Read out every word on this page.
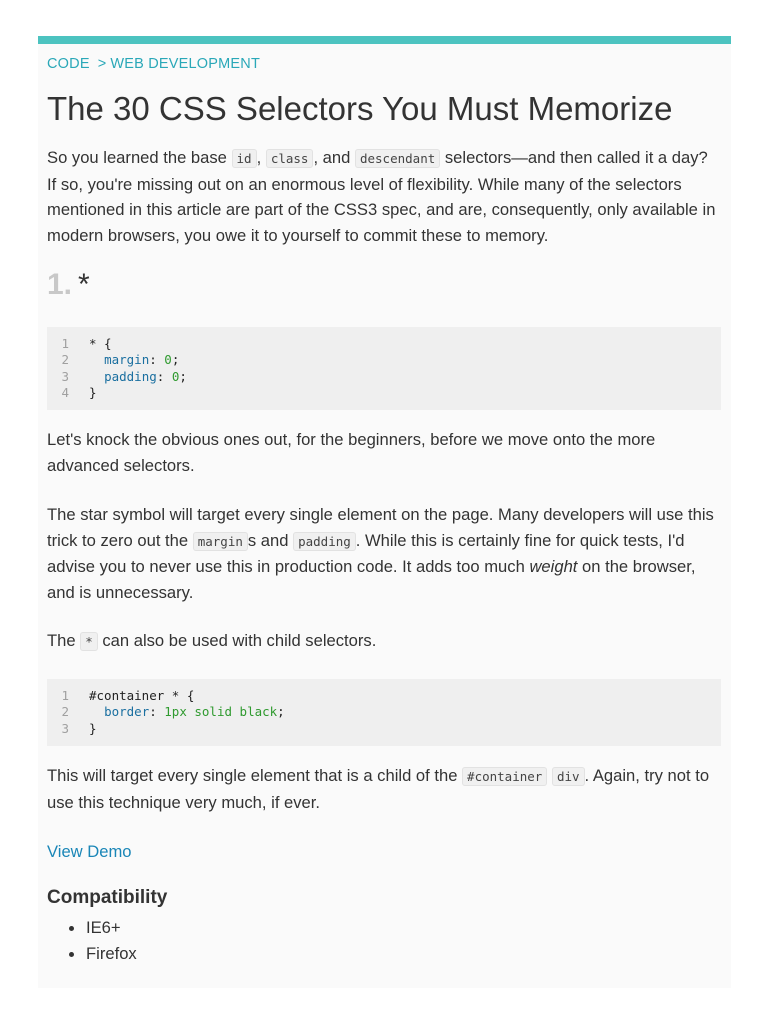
CODE > WEB DEVELOPMENT
The 30 CSS Selectors You Must Memorize

So you learned the base id , class , and descendant selectors—and then called it a day? If so, you're missing out on an enormous level of flexibility. While many of the selectors mentioned in this article are part of the CSS3 spec, and are, consequently, only available in modern browsers, you owe it to yourself to commit these to memory.

1. *
1 * {
2	margin: 0;
3	padding: 0;
4 }

Let's knock the obvious ones out, for the beginners, before we move onto the more advanced selectors.

The star symbol will target every single element on the page. Many developers will use this trick to zero out the margin s and padding . While this is certainly fine for quick tests, I'd advise you to never use this in production code. It adds too much weight on the browser, and is unnecessary.

The * can also be used with child selectors.

1 #container * {
2	border: 1px solid black;
3 }

This will target every single element that is a child of the #container div . Again, try not to use this technique very much, if ever.

View Demo
Compatibility
IE6+
Firefox
